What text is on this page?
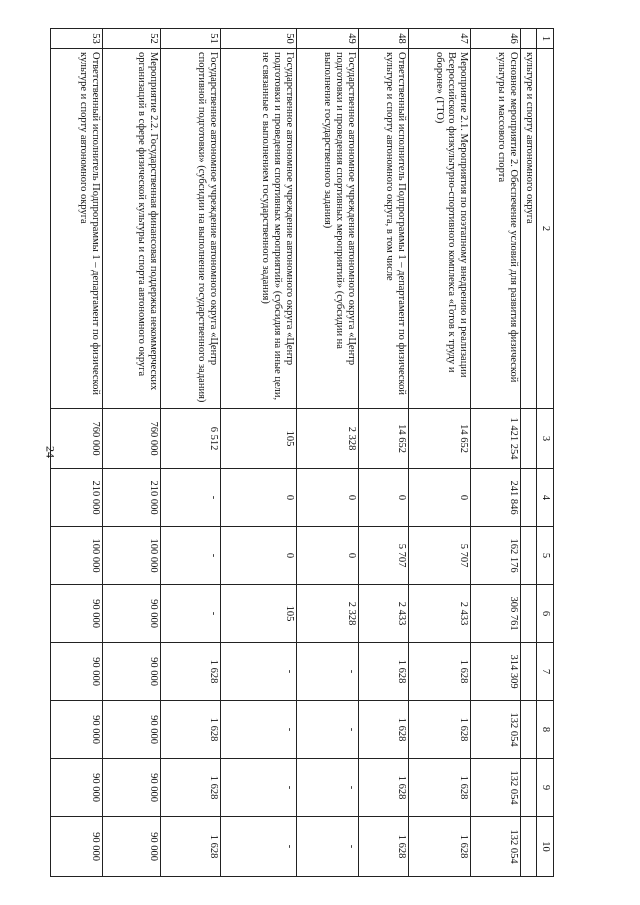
24
1	2	3	4	5	6	7	8	9	10
	культуре и спорту автономного округа								
46	Основное мероприятие 2. Обеспечение условий для развития физической культуры и массового спорта	1 421 254	241 846	162 176	306 761	314 309	132 054	132 054	132 054
47	Мероприятие 2.1. Мероприятия по поэтапному внедрению и реализации Всероссийского физкультурно-спортивного комплекса «Готов к труду и обороне» (ГТО)	14 652	0	5 707	2 433	1 628	1 628	1 628	1 628
48	Ответственный исполнитель Подпрограммы 1 – департамент по физической культуре и спорту автономного округа, в том числе	14 652	0	5 707	2 433	1 628	1 628	1 628	1 628
49	Государственное автономное учреждение автономного округа «Центр подготовки и проведения спортивных мероприятий» (субсидии на выполнение государственного задания)	2 328	0	0	2 328	-	-	-	-
50	Государственное автономное учреждение автономного округа «Центр подготовки и проведения спортивных мероприятий» (субсидия на иные цели, не связанные с выполнением государственного задания)	105	0	0	105	-	-	-	-
51	Государственное автономное учреждение автономного округа «Центр спортивной подготовки» (субсидии на выполнение государственного задания)	6 512	-	-	-	1 628	1 628	1 628	1 628
52	Мероприятие 2.2. Государственная финансовая поддержка некоммерческих организаций в сфере физической культуры и спорта автономного округа	760 000	210 000	100 000	90 000	90 000	90 000	90 000	90 000
53	Ответственный исполнитель Подпрограммы 1 – департамент по физической культуре и спорту автономного округа	760 000	210 000	100 000	90 000	90 000	90 000	90 000	90 000
